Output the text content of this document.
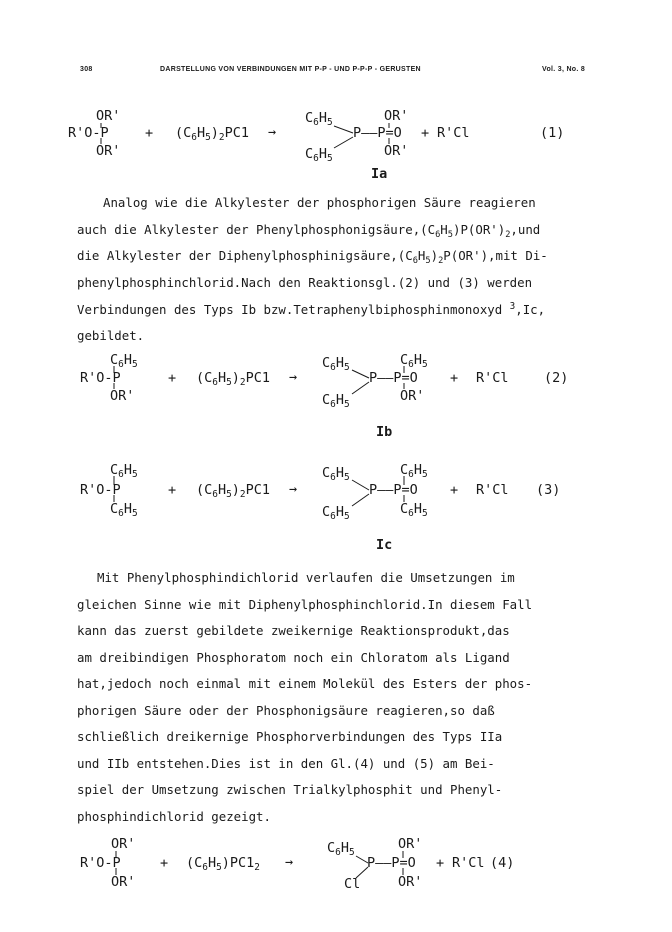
308	DARSTELLUNG VON VERBINDUNGEN MIT P-P - UND P-P-P - GERUSTEN	Vol. 3, No. 8
OR'
R'O-P
OR'
+ $(C_6H_5)_2PC1$ →
$C_6H_5$
$C_6H_5$
OR'
P——P=O
OR'
+ R'Cl	(1)
Ia
Analog wie die Alkylester der phosphorigen Säure reagieren
auch die Alkylester der $Phenylphosphonigsäure,(C_6H_5)P(OR')_2,und$
die Alkylester der $Diphenylphosphinigsäure,(C_6H_5)_2P(OR'),mit$ Di-
phenylphosphinchlorid.Nach den Reaktionsgl.(2) und (3) werden
Verbindungen des Typs Ib bzw.Tetraphenylbiphosphinmonoxyd $^3$,Ic,
gebildet.
$C_6H_5$
R'O-P
OR'
+ $(C_6H_5)_2PC1$ →
$C_6H_5$
$C_6H_5$
$C_6H_5$
P——P=O
OR'
+ R'Cl	(2)
Ib
$C_6H_5$
R'O-P
$C_6H_5$
+ $(C_6H_5)_2PC1$ →
$C_6H_5$
$C_6H_5$
$C_6H_5$
P——P=O
$C_6H_5$
+ R'Cl (3)
Ic
Mit Phenylphosphindichlorid verlaufen die Umsetzungen im
gleichen Sinne wie mit Diphenylphosphinchlorid.In diesem Fall
kann das zuerst gebildete zweikernige Reaktionsprodukt,das
am dreibindigen Phosphoratom noch ein Chloratom als Ligand
hat,jedoch noch einmal mit einem Molekül des Esters der phos-
phorigen Säure oder der Phosphonigsäure reagieren,so daß
schließlich dreikernige Phosphorverbindungen des Typs IIa
und IIb entstehen.Dies ist in den Gl.(4) und (5) am Bei-
spiel der Umsetzung zwischen Trialkylphosphit und Phenyl-
phosphindichlorid gezeigt.
OR'
R'O-P
OR'
+ $(C_6H_5)PC1_2$ →
$C_6H_5$
Cl
OR'
P——P=O
OR'
+ R'Cl (4)
